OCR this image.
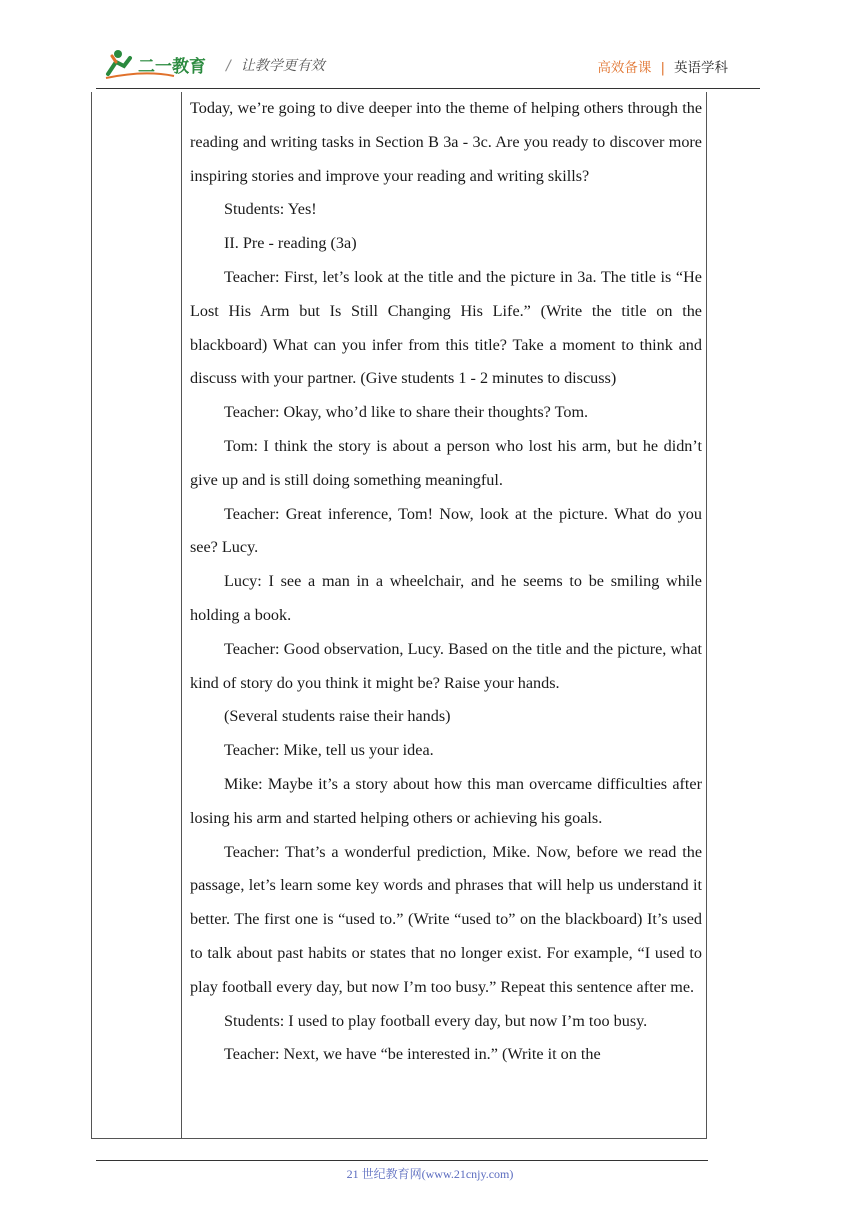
二一教育 / 让教学更有效	高效备课 | 英语学科

Today, we’re going to dive deeper into the theme of helping others through the reading and writing tasks in Section B 3a - 3c. Are you ready to discover more inspiring stories and improve your reading and writing skills?

Students: Yes!

II. Pre - reading (3a)

Teacher: First, let’s look at the title and the picture in 3a. The title is “He Lost His Arm but Is Still Changing His Life.” (Write the title on the blackboard) What can you infer from this title? Take a moment to think and discuss with your partner. (Give students 1 - 2 minutes to discuss)

Teacher: Okay, who’d like to share their thoughts? Tom.

Tom: I think the story is about a person who lost his arm, but he didn’t give up and is still doing something meaningful.

Teacher: Great inference, Tom! Now, look at the picture. What do you see? Lucy.

Lucy: I see a man in a wheelchair, and he seems to be smiling while holding a book.

Teacher: Good observation, Lucy. Based on the title and the picture, what kind of story do you think it might be? Raise your hands.

(Several students raise their hands)

Teacher: Mike, tell us your idea.

Mike: Maybe it’s a story about how this man overcame difficulties after losing his arm and started helping others or achieving his goals.

Teacher: That’s a wonderful prediction, Mike. Now, before we read the passage, let’s learn some key words and phrases that will help us understand it better. The first one is “used to.” (Write “used to” on the blackboard) It’s used to talk about past habits or states that no longer exist. For example, “I used to play football every day, but now I’m too busy.” Repeat this sentence after me.

Students: I used to play football every day, but now I’m too busy.

Teacher: Next, we have “be interested in.” (Write it on the

21 世纪教育网(www.21cnjy.com)
